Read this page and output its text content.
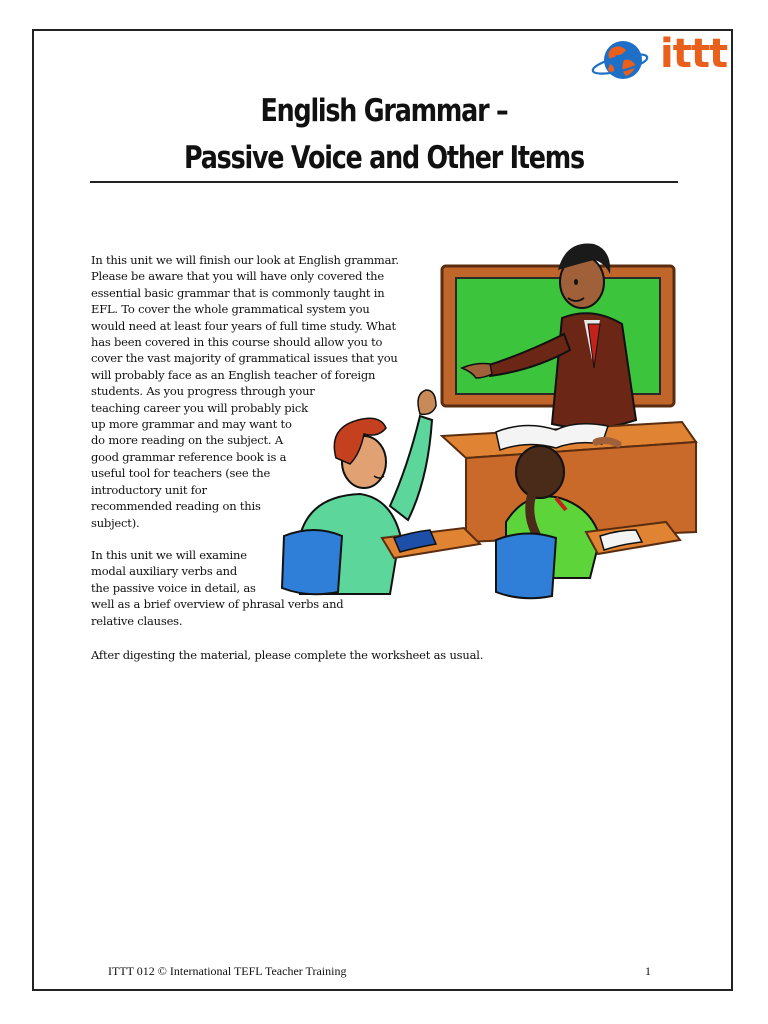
ittt
English Grammar –
Passive Voice and Other Items
In this unit we will finish our look at English grammar.
Please be aware that you will have only covered the
essential basic grammar that is commonly taught in
EFL. To cover the whole grammatical system you
would need at least four years of full time study. What
has been covered in this course should allow you to
cover the vast majority of grammatical issues that you
will probably face as an English teacher of foreign
students. As you progress through your
teaching career you will probably pick
up more grammar and may want to
do more reading on the subject. A
good grammar reference book is a
useful tool for teachers (see the
introductory unit for
recommended reading on this
subject).
In this unit we will examine
modal auxiliary verbs and
the passive voice in detail, as
well as a brief overview of phrasal verbs and
relative clauses.
After digesting the material, please complete the worksheet as usual.
ITTT 012 © International TEFL Teacher Training	1
